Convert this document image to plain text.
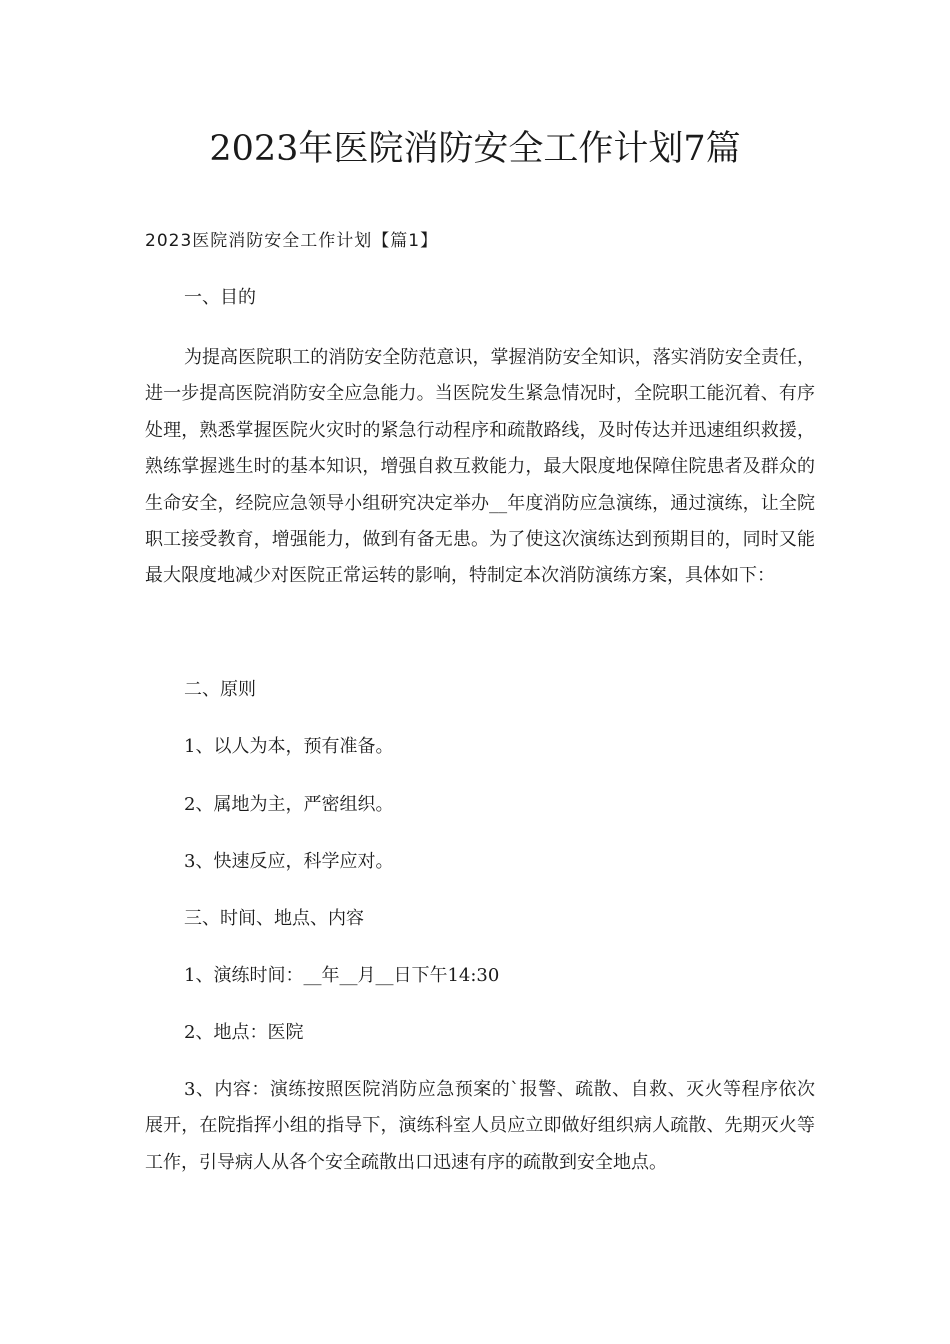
2023年医院消防安全工作计划7篇

2023医院消防安全工作计划【篇1】

一、目的

为提高医院职工的消防安全防范意识，掌握消防安全知识，落实消防安全责任，进一步提高医院消防安全应急能力。当医院发生紧急情况时，全院职工能沉着、有序处理，熟悉掌握医院火灾时的紧急行动程序和疏散路线，及时传达并迅速组织救援，熟练掌握逃生时的基本知识，增强自救互救能力，最大限度地保障住院患者及群众的生命安全，经院应急领导小组研究决定举办__年度消防应急演练，通过演练，让全院职工接受教育，增强能力，做到有备无患。为了使这次演练达到预期目的，同时又能最大限度地减少对医院正常运转的影响，特制定本次消防演练方案，具体如下：

二、原则

1、以人为本，预有准备。

2、属地为主，严密组织。

3、快速反应，科学应对。

三、时间、地点、内容

1、演练时间：__年__月__日下午14:30

2、地点：医院

3、内容：演练按照医院消防应急预案的`报警、疏散、自救、灭火等程序依次展开，在院指挥小组的指导下，演练科室人员应立即做好组织病人疏散、先期灭火等工作，引导病人从各个安全疏散出口迅速有序的疏散到安全地点。
